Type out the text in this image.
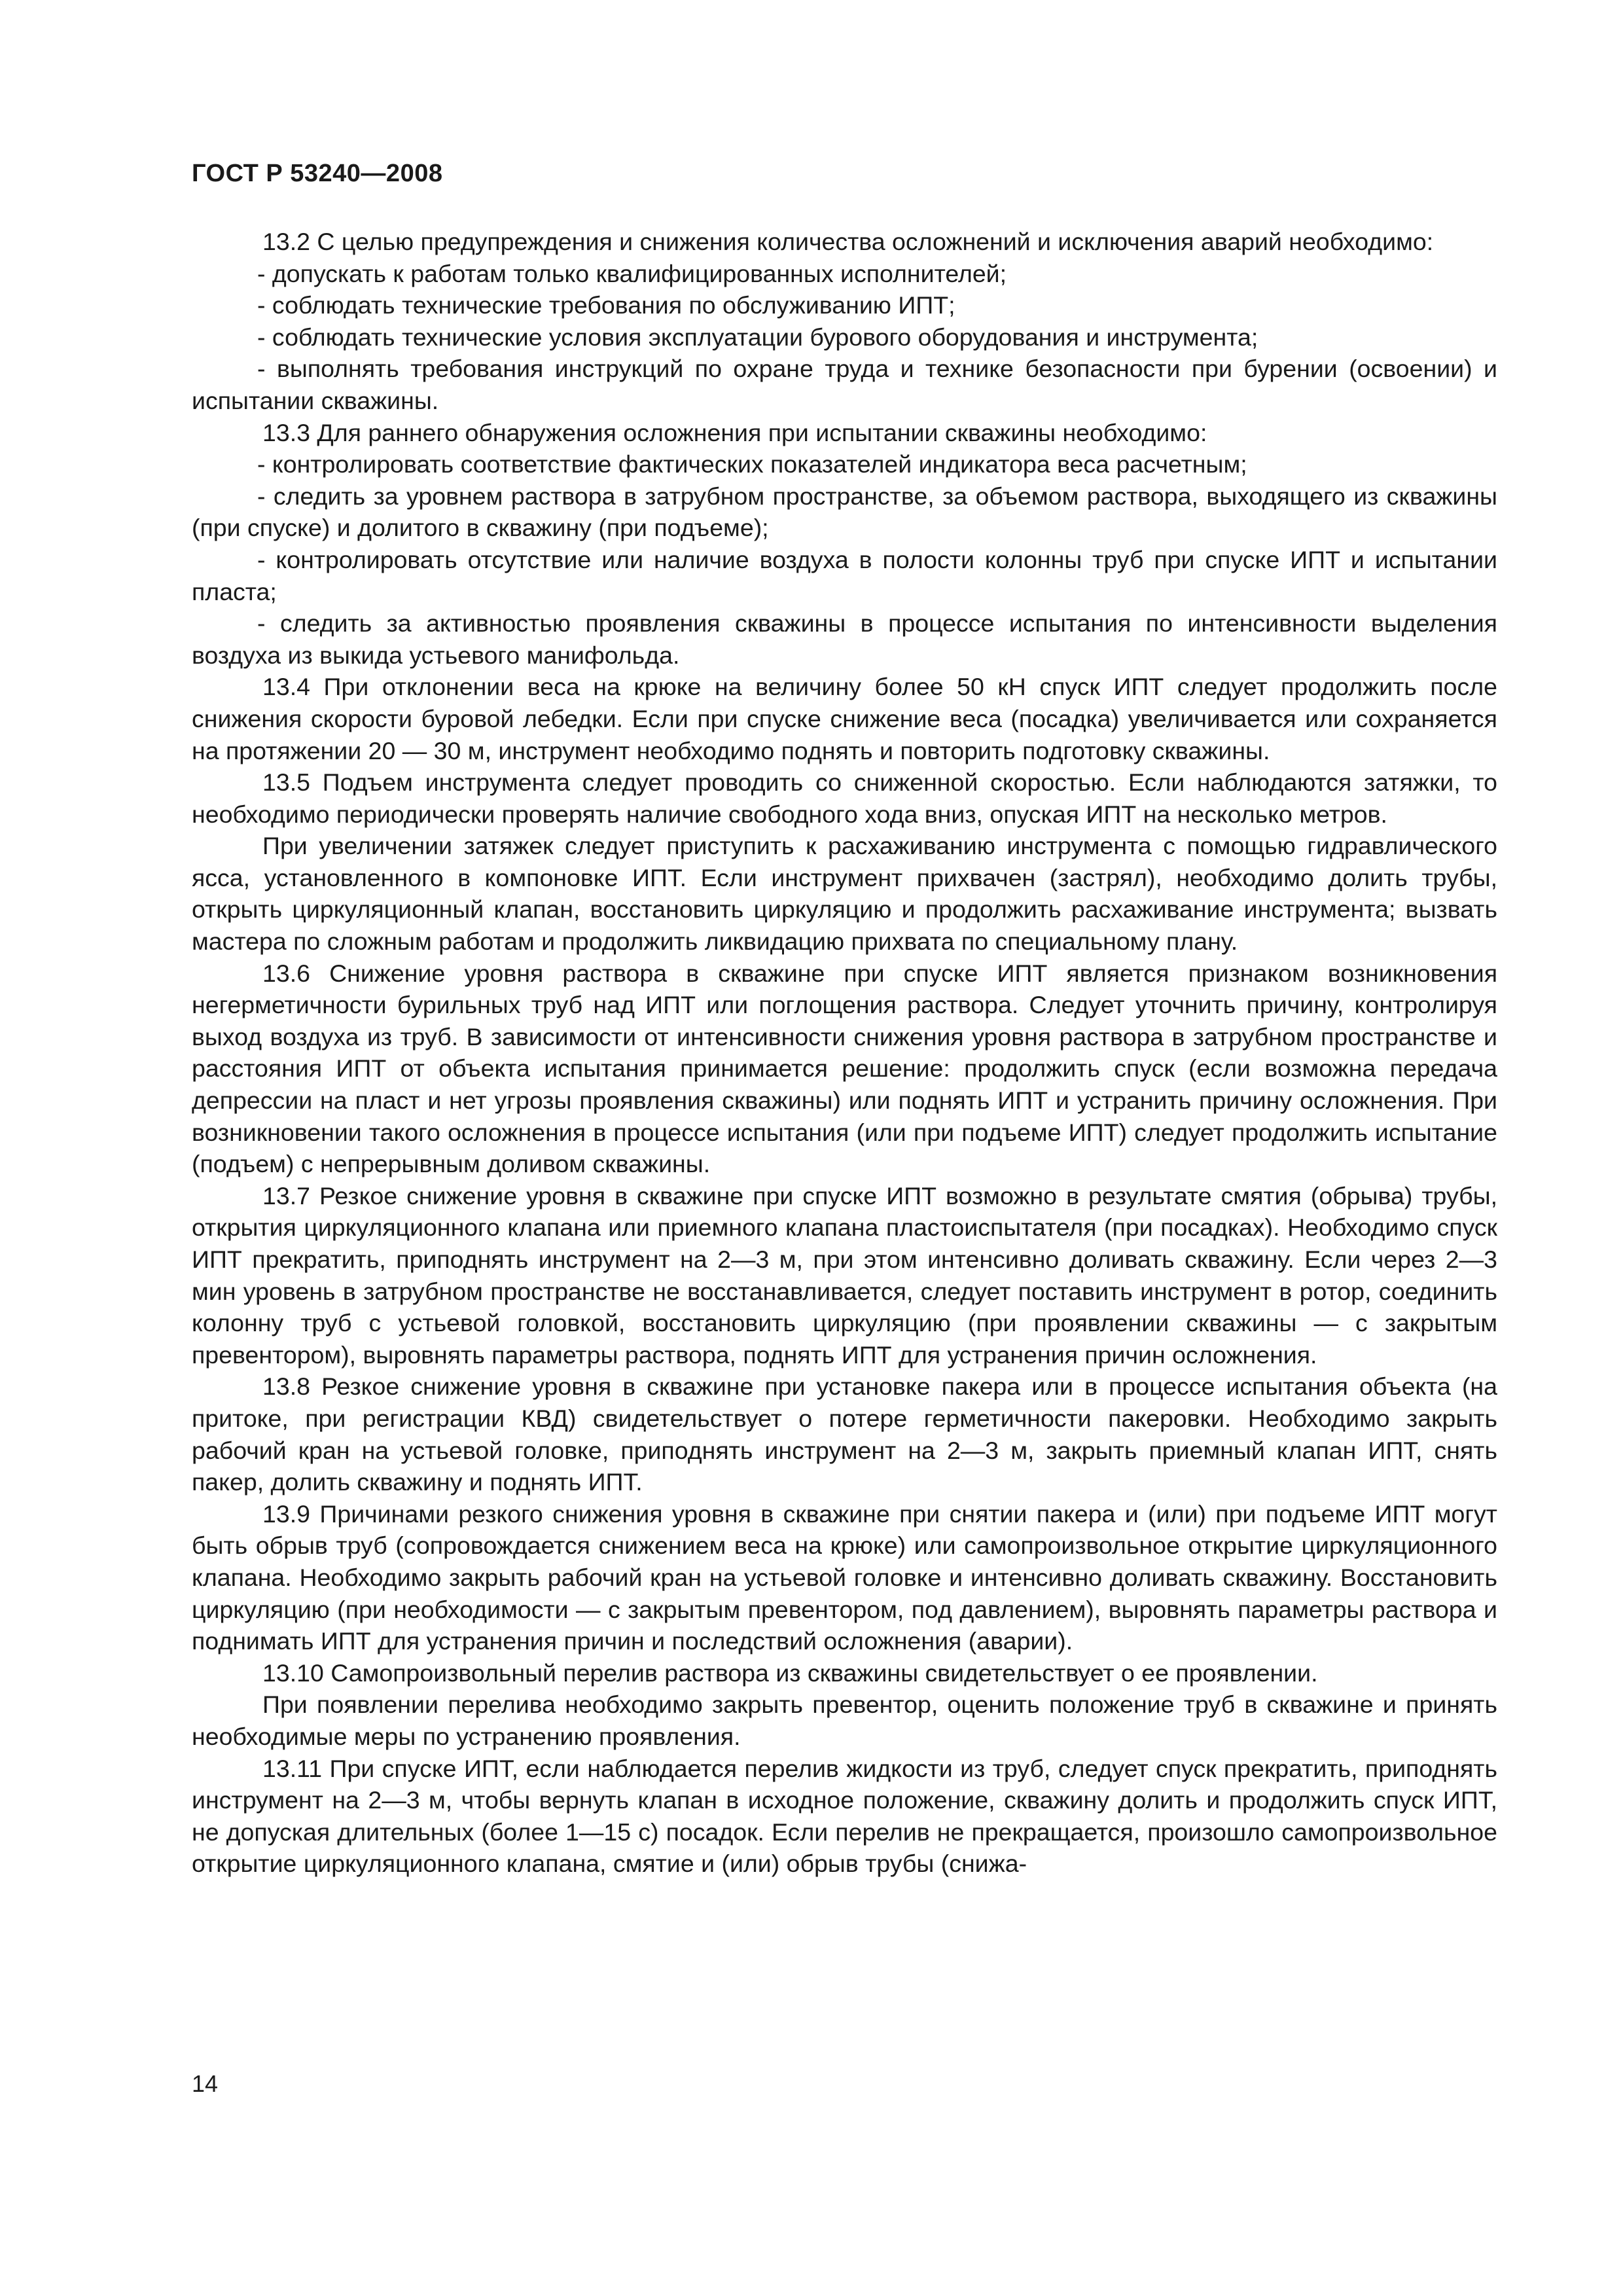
ГОСТ Р 53240—2008

13.2 С целью предупреждения и снижения количества осложнений и исключения аварий необходимо:

- допускать к работам только квалифицированных исполнителей;

- соблюдать технические требования по обслуживанию ИПТ;

- соблюдать технические условия эксплуатации бурового оборудования и инструмента;

- выполнять требования инструкций по охране труда и технике безопасности при бурении (освоении) и испытании скважины.

13.3 Для раннего обнаружения осложнения при испытании скважины необходимо:

- контролировать соответствие фактических показателей индикатора веса расчетным;

- следить за уровнем раствора в затрубном пространстве, за объемом раствора, выходящего из скважины (при спуске) и долитого в скважину (при подъеме);

- контролировать отсутствие или наличие воздуха в полости колонны труб при спуске ИПТ и испытании пласта;

- следить за активностью проявления скважины в процессе испытания по интенсивности выделения воздуха из выкида устьевого манифольда.

13.4 При отклонении веса на крюке на величину более 50 кН спуск ИПТ следует продолжить после снижения скорости буровой лебедки. Если при спуске снижение веса (посадка) увеличивается или сохраняется на протяжении 20 — 30 м, инструмент необходимо поднять и повторить подготовку скважины.

13.5 Подъем инструмента следует проводить со сниженной скоростью. Если наблюдаются затяжки, то необходимо периодически проверять наличие свободного хода вниз, опуская ИПТ на несколько метров.

При увеличении затяжек следует приступить к расхаживанию инструмента с помощью гидравлического ясса, установленного в компоновке ИПТ. Если инструмент прихвачен (застрял), необходимо долить трубы, открыть циркуляционный клапан, восстановить циркуляцию и продолжить расхаживание инструмента; вызвать мастера по сложным работам и продолжить ликвидацию прихвата по специальному плану.

13.6 Снижение уровня раствора в скважине при спуске ИПТ является признаком возникновения негерметичности бурильных труб над ИПТ или поглощения раствора. Следует уточнить причину, контролируя выход воздуха из труб. В зависимости от интенсивности снижения уровня раствора в затрубном пространстве и расстояния ИПТ от объекта испытания принимается решение: продолжить спуск (если возможна передача депрессии на пласт и нет угрозы проявления скважины) или поднять ИПТ и устранить причину осложнения. При возникновении такого осложнения в процессе испытания (или при подъеме ИПТ) следует продолжить испытание (подъем) с непрерывным доливом скважины.

13.7 Резкое снижение уровня в скважине при спуске ИПТ возможно в результате смятия (обрыва) трубы, открытия циркуляционного клапана или приемного клапана пластоиспытателя (при посадках). Необходимо спуск ИПТ прекратить, приподнять инструмент на 2—3 м, при этом интенсивно доливать скважину. Если через 2—3 мин уровень в затрубном пространстве не восстанавливается, следует поставить инструмент в ротор, соединить колонну труб с устьевой головкой, восстановить циркуляцию (при проявлении скважины — с закрытым превентором), выровнять параметры раствора, поднять ИПТ для устранения причин осложнения.

13.8 Резкое снижение уровня в скважине при установке пакера или в процессе испытания объекта (на притоке, при регистрации КВД) свидетельствует о потере герметичности пакеровки. Необходимо закрыть рабочий кран на устьевой головке, приподнять инструмент на 2—3 м, закрыть приемный клапан ИПТ, снять пакер, долить скважину и поднять ИПТ.

13.9 Причинами резкого снижения уровня в скважине при снятии пакера и (или) при подъеме ИПТ могут быть обрыв труб (сопровождается снижением веса на крюке) или самопроизвольное открытие циркуляционного клапана. Необходимо закрыть рабочий кран на устьевой головке и интенсивно доливать скважину. Восстановить циркуляцию (при необходимости — с закрытым превентором, под давлением), выровнять параметры раствора и поднимать ИПТ для устранения причин и последствий осложнения (аварии).

13.10 Самопроизвольный перелив раствора из скважины свидетельствует о ее проявлении.

При появлении перелива необходимо закрыть превентор, оценить положение труб в скважине и принять необходимые меры по устранению проявления.

13.11 При спуске ИПТ, если наблюдается перелив жидкости из труб, следует спуск прекратить, приподнять инструмент на 2—3 м, чтобы вернуть клапан в исходное положение, скважину долить и продолжить спуск ИПТ, не допуская длительных (более 1—15 с) посадок. Если перелив не прекращается, произошло самопроизвольное открытие циркуляционного клапана, смятие и (или) обрыв трубы (снижа-

14
